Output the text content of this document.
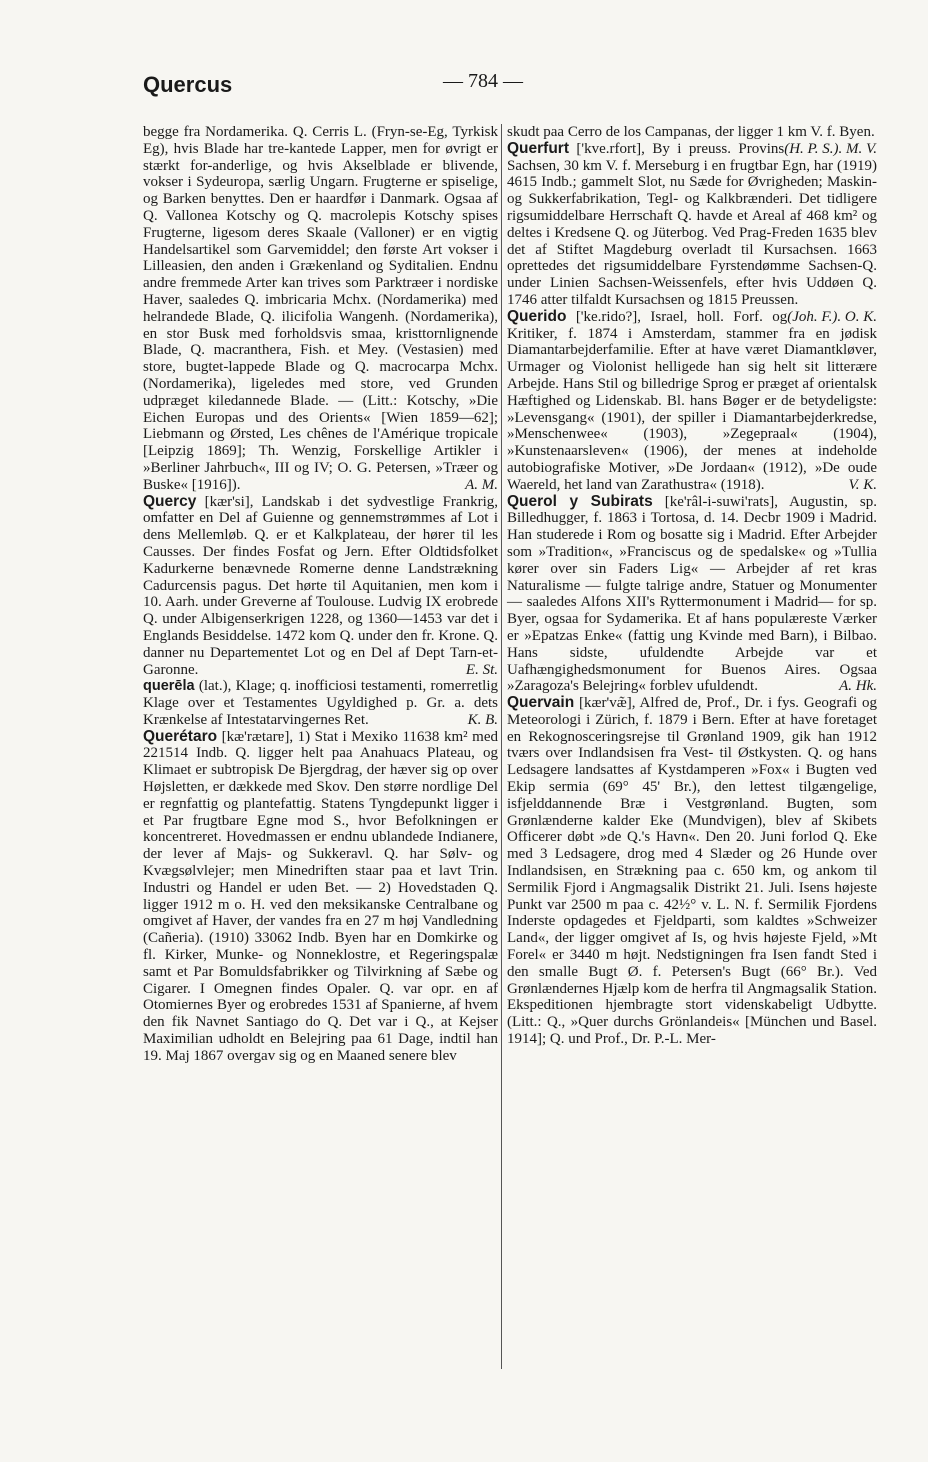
Quercus	— 784 —

begge fra Nordamerika. Q. Cerris L. (Fryn-se-Eg, Tyrkisk Eg), hvis Blade har tre-kantede Lapper, men for øvrigt er stærkt for-anderlige, og hvis Akselblade er blivende, vokser i Sydeuropa, særlig Ungarn. Frugterne er spiselige, og Barken benyttes. Den er haardfør i Danmark. Ogsaa af Q. Vallonea Kotschy og Q. macrolepis Kotschy spises Frugterne, ligesom deres Skaale (Valloner) er en vigtig Handelsartikel som Garvemiddel; den første Art vokser i Lilleasien, den anden i Grækenland og Syditalien. Endnu andre fremmede Arter kan trives som Parktræer i nordiske Haver, saaledes Q. imbricaria Mchx. (Nordamerika) med helrandede Blade, Q. ilicifolia Wangenh. (Nordamerika), en stor Busk med forholdsvis smaa, kristtornlignende Blade, Q. macranthera, Fish. et Mey. (Vestasien) med store, bugtet-lappede Blade og Q. macrocarpa Mchx. (Nordamerika), ligeledes med store, ved Grunden udpræget kiledannede Blade. — (Litt.: Kotschy, »Die Eichen Europas und des Orients« [Wien 1859—62]; Liebmann og Ørsted, Les chênes de l'Amérique tropicale [Leipzig 1869]; Th. Wenzig, Forskellige Artikler i »Berliner Jahrbuch«, III og IV; O. G. Petersen, »Træer og Buske« [1916]).	A. M.

Quercy [kær'si], Landskab i det sydvestlige Frankrig, omfatter en Del af Guienne og gennemstrømmes af Lot i dens Mellemløb. Q. er et Kalkplateau, der hører til les Causses. Der findes Fosfat og Jern. Efter Oldtidsfolket Kadurkerne benævnede Romerne denne Landstrækning Cadurcensis pagus. Det hørte til Aquitanien, men kom i 10. Aarh. under Greverne af Toulouse. Ludvig IX erobrede Q. under Albigenserkrigen 1228, og 1360—1453 var det i Englands Besiddelse. 1472 kom Q. under den fr. Krone. Q. danner nu Departementet Lot og en Del af Dept Tarn-et-Garonne.	E. St.

querēla (lat.), Klage; q. inofficiosi testamenti, romerretlig Klage over et Testamentes Ugyldighed p. Gr. a. dets Krænkelse af Intestatarvingernes Ret.	K. B.

Querétaro [kæ'rætarɐ], 1) Stat i Mexiko 11638 km² med 221514 Indb. Q. ligger helt paa Anahuacs Plateau, og Klimaet er subtropisk De Bjergdrag, der hæver sig op over Højsletten, er dækkede med Skov. Den større nordlige Del er regnfattig og plantefattig. Statens Tyngdepunkt ligger i et Par frugtbare Egne mod S., hvor Befolkningen er koncentreret. Hovedmassen er endnu ublandede Indianere, der lever af Majs- og Sukkeravl. Q. har Sølv- og Kvægsølvlejer; men Minedriften staar paa et lavt Trin. Industri og Handel er uden Bet. — 2) Hovedstaden Q. ligger 1912 m o. H. ved den meksikanske Centralbane og omgivet af Haver, der vandes fra en 27 m høj Vandledning (Cañeria). (1910) 33062 Indb. Byen har en Domkirke og fl. Kirker, Munke- og Nonneklostre, et Regeringspalæ samt et Par Bomuldsfabrikker og Tilvirkning af Sæbe og Cigarer. I Omegnen findes Opaler. Q. var opr. en af Otomiernes Byer og erobredes 1531 af Spanierne, af hvem den fik Navnet Santiago do Q. Det var i Q., at Kejser Maximilian udholdt en Belejring paa 61 Dage, indtil han 19. Maj 1867 overgav sig og en Maaned senere blev

skudt paa Cerro de los Campanas, der ligger 1 km V. f. Byen.
(H. P. S.). M. V.

Querfurt ['kve.rfort], By i preuss. Provins Sachsen, 30 km V. f. Merseburg i en frugtbar Egn, har (1919) 4615 Indb.; gammelt Slot, nu Sæde for Øvrigheden; Maskin- og Sukkerfabrikation, Tegl- og Kalkbrænderi. Det tidligere rigsumiddelbare Herrschaft Q. havde et Areal af 468 km² og deltes i Kredsene Q. og Jüterbog. Ved Prag-Freden 1635 blev det af Stiftet Magdeburg overladt til Kursachsen. 1663 oprettedes det rigsumiddelbare Fyrstendømme Sachsen-Q. under Linien Sachsen-Weissenfels, efter hvis Uddøen Q. 1746 atter tilfaldt Kursachsen og 1815 Preussen.
(Joh. F.). O. K.

Querido ['ke.rido?], Israel, holl. Forf. og Kritiker, f. 1874 i Amsterdam, stammer fra en jødisk Diamantarbejderfamilie. Efter at have været Diamantkløver, Urmager og Violonist helligede han sig helt sit litterære Arbejde. Hans Stil og billedrige Sprog er præget af orientalsk Hæftighed og Lidenskab. Bl. hans Bøger er de betydeligste: »Levensgang« (1901), der spiller i Diamantarbejderkredse, »Menschenwee« (1903), »Zegepraal« (1904), »Kunstenaarsleven« (1906), der menes at indeholde autobiografiske Motiver, »De Jordaan« (1912), »De oude Waereld, het land van Zarathustra« (1918).	V. K.

Querol y Subirats [ke'râl-i-suwi'rats], Augustin, sp. Billedhugger, f. 1863 i Tortosa, d. 14. Decbr 1909 i Madrid. Han studerede i Rom og bosatte sig i Madrid. Efter Arbejder som »Tradition«, »Franciscus og de spedalske« og »Tullia kører over sin Faders Lig« — Arbejder af ret kras Naturalisme — fulgte talrige andre, Statuer og Monumenter — saaledes Alfons XII's Ryttermonument i Madrid— for sp. Byer, ogsaa for Sydamerika. Et af hans populæreste Værker er »Epatzas Enke« (fattig ung Kvinde med Barn), i Bilbao. Hans sidste, ufuldendte Arbejde var et Uafhængighedsmonument for Buenos Aires. Ogsaa »Zaragoza's Belejring« forblev ufuldendt.	A. Hk.

Quervain [kær'væ̃], Alfred de, Prof., Dr. i fys. Geografi og Meteorologi i Zürich, f. 1879 i Bern. Efter at have foretaget en Rekognosceringsrejse til Grønland 1909, gik han 1912 tværs over Indlandsisen fra Vest- til Østkysten. Q. og hans Ledsagere landsattes af Kystdamperen »Fox« i Bugten ved Ekip sermia (69° 45' Br.), den lettest tilgængelige, isfjelddannende Bræ i Vestgrønland. Bugten, som Grønlænderne kalder Eke (Mundvigen), blev af Skibets Officerer døbt »de Q.'s Havn«. Den 20. Juni forlod Q. Eke med 3 Ledsagere, drog med 4 Slæder og 26 Hunde over Indlandsisen, en Strækning paa c. 650 km, og ankom til Sermilik Fjord i Angmagsalik Distrikt 21. Juli. Isens højeste Punkt var 2500 m paa c. 42½° v. L. N. f. Sermilik Fjordens Inderste opdagedes et Fjeldparti, som kaldtes »Schweizer Land«, der ligger omgivet af Is, og hvis højeste Fjeld, »Mt Forel« er 3440 m højt. Nedstigningen fra Isen fandt Sted i den smalle Bugt Ø. f. Petersen's Bugt (66° Br.). Ved Grønlændernes Hjælp kom de herfra til Angmagsalik Station. Ekspeditionen hjembragte stort videnskabeligt Udbytte. (Litt.: Q., »Quer durchs Grönlandeis« [München und Basel. 1914]; Q. und Prof., Dr. P.-L. Mer-
